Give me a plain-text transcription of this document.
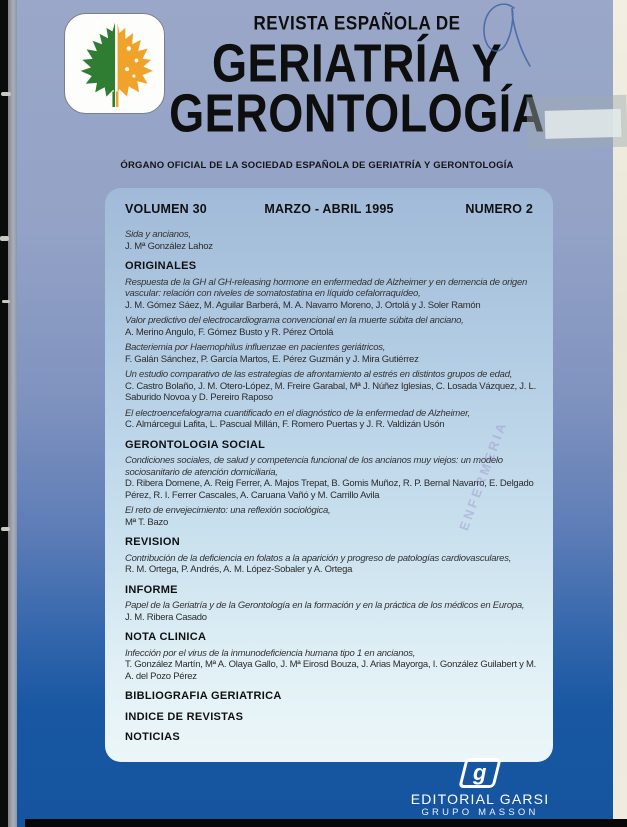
REVISTA ESPAÑOLA DE
GERIATRÍA Y
GERONTOLOGÍA
ÓRGANO OFICIAL DE LA SOCIEDAD ESPAÑOLA DE GERIATRÍA Y GERONTOLOGÍA
VOLUMEN 30	MARZO - ABRIL 1995	NUMERO 2
Sida y ancianos,
J. Mª González Lahoz
ORIGINALES
Respuesta de la GH al GH-releasing hormone en enfermedad de Alzheimer y en demencia de origen vascular: relación con niveles de somatostatina en líquido cefalorraquídeo,
J. M. Gómez Sáez, M. Aguilar Barberá, M. A. Navarro Moreno, J. Ortolá y J. Soler Ramón
Valor predictivo del electrocardiograma convencional en la muerte súbita del anciano,
A. Merino Angulo, F. Gómez Busto y R. Pérez Ortolá
Bacteriemia por Haemophilus influenzae en pacientes geriátricos,
F. Galán Sánchez, P. García Martos, E. Pérez Guzmán y J. Mira Gutiérrez
Un estudio comparativo de las estrategias de afrontamiento al estrés en distintos grupos de edad,
C. Castro Bolaño, J. M. Otero-López, M. Freire Garabal, Mª J. Núñez Iglesias, C. Losada Vázquez, J. L. Saburido Novoa y D. Pereiro Raposo
El electroencefalograma cuantificado en el diagnóstico de la enfermedad de Alzheimer,
C. Almárcegui Lafita, L. Pascual Millán, F. Romero Puertas y J. R. Valdizán Usón
GERONTOLOGIA SOCIAL
Condiciones sociales, de salud y competencia funcional de los ancianos muy viejos: un modelo sociosanitario de atención domiciliaria,
D. Ribera Domene, A. Reig Ferrer, A. Majos Trepat, B. Gomis Muñoz, R. P. Bernal Navarro, E. Delgado Pérez, R. I. Ferrer Cascales, A. Caruana Vañó y M. Carrillo Avila
El reto de envejecimiento: una reflexión sociológica,
Mª T. Bazo
REVISION
Contribución de la deficiencia en folatos a la aparición y progreso de patologías cardiovasculares,
R. M. Ortega, P. Andrés, A. M. López-Sobaler y A. Ortega
INFORME
Papel de la Geriatría y de la Gerontología en la formación y en la práctica de los médicos en Europa,
J. M. Ribera Casado
NOTA CLINICA
Infección por el virus de la inmunodeficiencia humana tipo 1 en ancianos,
T. González Martín, Mª A. Olaya Gallo, J. Mª Eirosd Bouza, J. Arias Mayorga, I. González Guilabert y M. A. del Pozo Pérez
BIBLIOGRAFIA GERIATRICA
INDICE DE REVISTAS
NOTICIAS
ENFERMERIA
g
EDITORIAL GARSI
GRUPO MASSON
